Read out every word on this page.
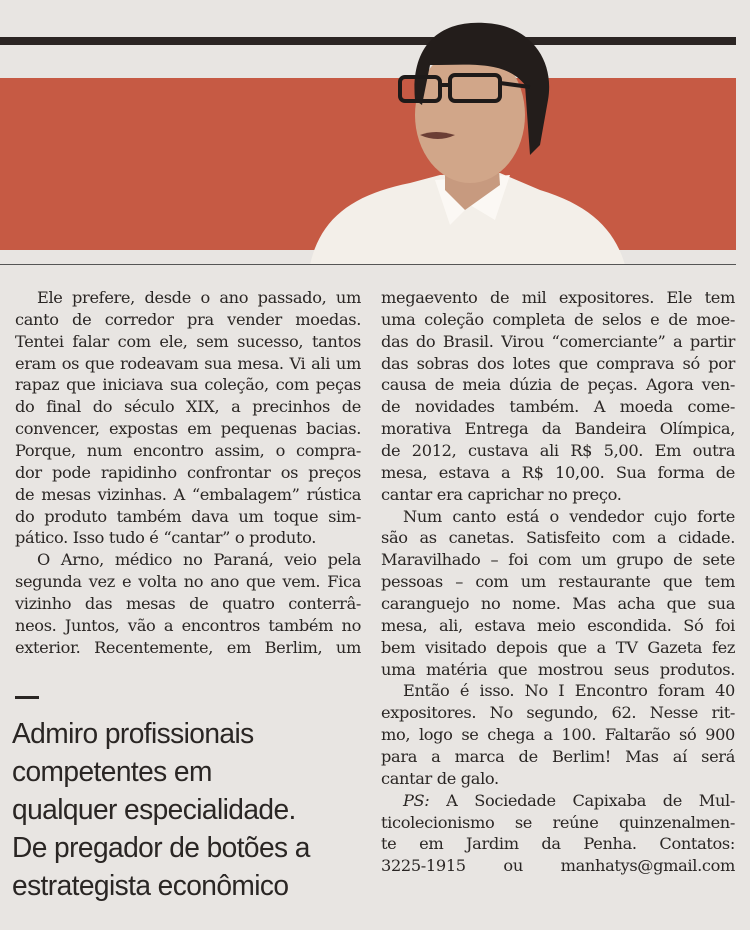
Ele prefere, desde o ano passado, um
canto de corredor pra vender moedas.
Tentei falar com ele, sem sucesso, tantos
eram os que rodeavam sua mesa. Vi ali um
rapaz que iniciava sua coleção, com peças
do final do século XIX, a precinhos de
convencer, expostas em pequenas bacias.
Porque, num encontro assim, o compra-
dor pode rapidinho confrontar os preços
de mesas vizinhas. A “embalagem” rústica
do produto também dava um toque sim-
pático. Isso tudo é “cantar” o produto.
O Arno, médico no Paraná, veio pela
segunda vez e volta no ano que vem. Fica
vizinho das mesas de quatro conterrâ-
neos. Juntos, vão a encontros também no
exterior. Recentemente, em Berlim, um
Admiro profissionais
competentes em
qualquer especialidade.
De pregador de botões a
estrategista econômico
megaevento de mil expositores. Ele tem
uma coleção completa de selos e de moe-
das do Brasil. Virou “comerciante” a partir
das sobras dos lotes que comprava só por
causa de meia dúzia de peças. Agora ven-
de novidades também. A moeda come-
morativa Entrega da Bandeira Olímpica,
de 2012, custava ali R$ 5,00. Em outra
mesa, estava a R$ 10,00. Sua forma de
cantar era caprichar no preço.
Num canto está o vendedor cujo forte
são as canetas. Satisfeito com a cidade.
Maravilhado – foi com um grupo de sete
pessoas – com um restaurante que tem
caranguejo no nome. Mas acha que sua
mesa, ali, estava meio escondida. Só foi
bem visitado depois que a TV Gazeta fez
uma matéria que mostrou seus produtos.
Então é isso. No I Encontro foram 40
expositores. No segundo, 62. Nesse rit-
mo, logo se chega a 100. Faltarão só 900
para a marca de Berlim! Mas aí será
cantar de galo.
PS: A Sociedade Capixaba de Mul-
ticolecionismo se reúne quinzenalmen-
te em Jardim da Penha. Contatos:
3225-1915 ou manhatys@gmail.com
